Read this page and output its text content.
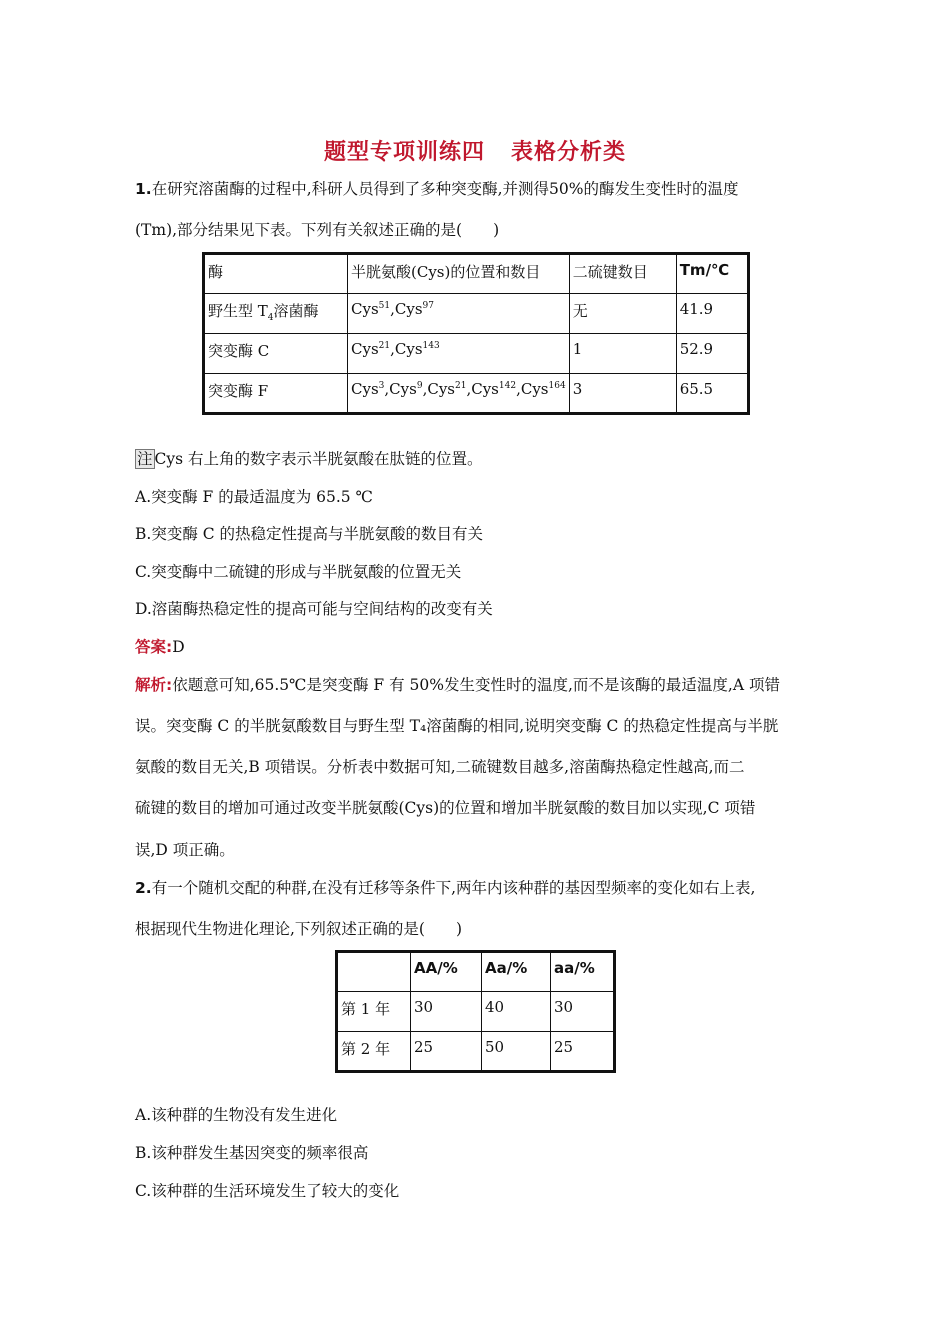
题型专项训练四 表格分析类
1.在研究溶菌酶的过程中,科研人员得到了多种突变酶,并测得50%的酶发生变性时的温度
(Tm),部分结果见下表。下列有关叙述正确的是(　　)
酶	半胱氨酸(Cys)的位置和数目	二硫键数目	Tm/℃
野生型 $T_4$溶菌酶	Cys$^{51}$,Cys$^{97}$	无	41.9
突变酶 C	Cys$^{21}$,Cys$^{143}$	1	52.9
突变酶 F	Cys$^3$,Cys$^9$,Cys$^{21}$,Cys$^{142}$,Cys$^{164}$	3	65.5
注 Cys 右上角的数字表示半胱氨酸在肽链的位置。
A.突变酶 F 的最适温度为 65.5 ℃
B.突变酶 C 的热稳定性提高与半胱氨酸的数目有关
C.突变酶中二硫键的形成与半胱氨酸的位置无关
D.溶菌酶热稳定性的提高可能与空间结构的改变有关
答案:D
解析:依题意可知,65.5℃是突变酶 F 有 50%发生变性时的温度,而不是该酶的最适温度,A 项错
误。突变酶 C 的半胱氨酸数目与野生型 T₄溶菌酶的相同,说明突变酶 C 的热稳定性提高与半胱
氨酸的数目无关,B 项错误。分析表中数据可知,二硫键数目越多,溶菌酶热稳定性越高,而二
硫键的数目的增加可通过改变半胱氨酸(Cys)的位置和增加半胱氨酸的数目加以实现,C 项错
误,D 项正确。
2.有一个随机交配的种群,在没有迁移等条件下,两年内该种群的基因型频率的变化如右上表,
根据现代生物进化理论,下列叙述正确的是(　　)
	AA/%	Aa/%	aa/%
第 1 年	30	40	30
第 2 年	25	50	25
A.该种群的生物没有发生进化
B.该种群发生基因突变的频率很高
C.该种群的生活环境发生了较大的变化
